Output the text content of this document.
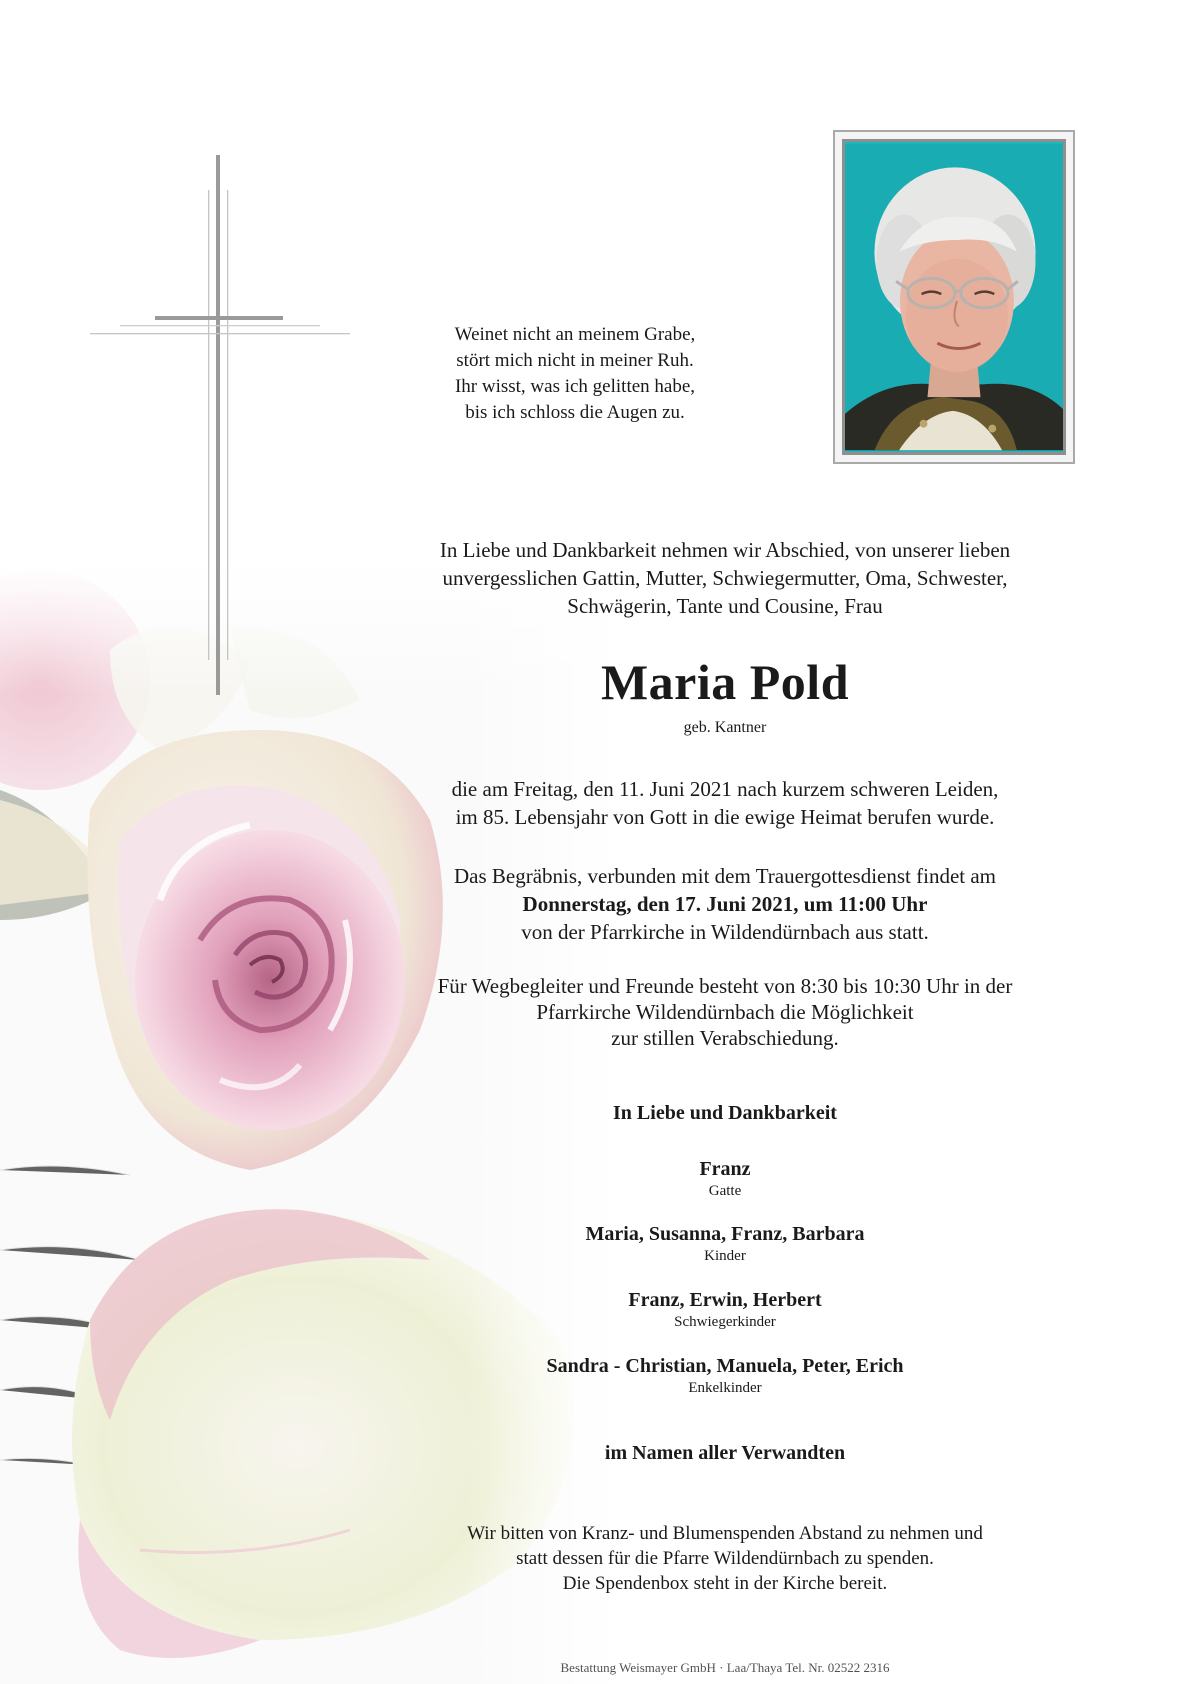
Weinet nicht an meinem Grabe,
stört mich nicht in meiner Ruh.
Ihr wisst, was ich gelitten habe,
bis ich schloss die Augen zu.
In Liebe und Dankbarkeit nehmen wir Abschied, von unserer lieben
unvergesslichen Gattin, Mutter, Schwiegermutter, Oma, Schwester,
Schwägerin, Tante und Cousine, Frau
Maria Pold
geb. Kantner
die am Freitag, den 11. Juni 2021 nach kurzem schweren Leiden,
im 85. Lebensjahr von Gott in die ewige Heimat berufen wurde.
Das Begräbnis, verbunden mit dem Trauergottesdienst findet am
Donnerstag, den 17. Juni 2021, um 11:00 Uhr
von der Pfarrkirche in Wildendürnbach aus statt.
Für Wegbegleiter und Freunde besteht von 8:30 bis 10:30 Uhr in der
Pfarrkirche Wildendürnbach die Möglichkeit
zur stillen Verabschiedung.
In Liebe und Dankbarkeit
Franz
Gatte
Maria, Susanna, Franz, Barbara
Kinder
Franz, Erwin, Herbert
Schwiegerkinder
Sandra - Christian, Manuela, Peter, Erich
Enkelkinder
im Namen aller Verwandten
Wir bitten von Kranz- und Blumenspenden Abstand zu nehmen und
statt dessen für die Pfarre Wildendürnbach zu spenden.
Die Spendenbox steht in der Kirche bereit.
Bestattung Weismayer GmbH · Laa/Thaya Tel. Nr. 02522 2316
